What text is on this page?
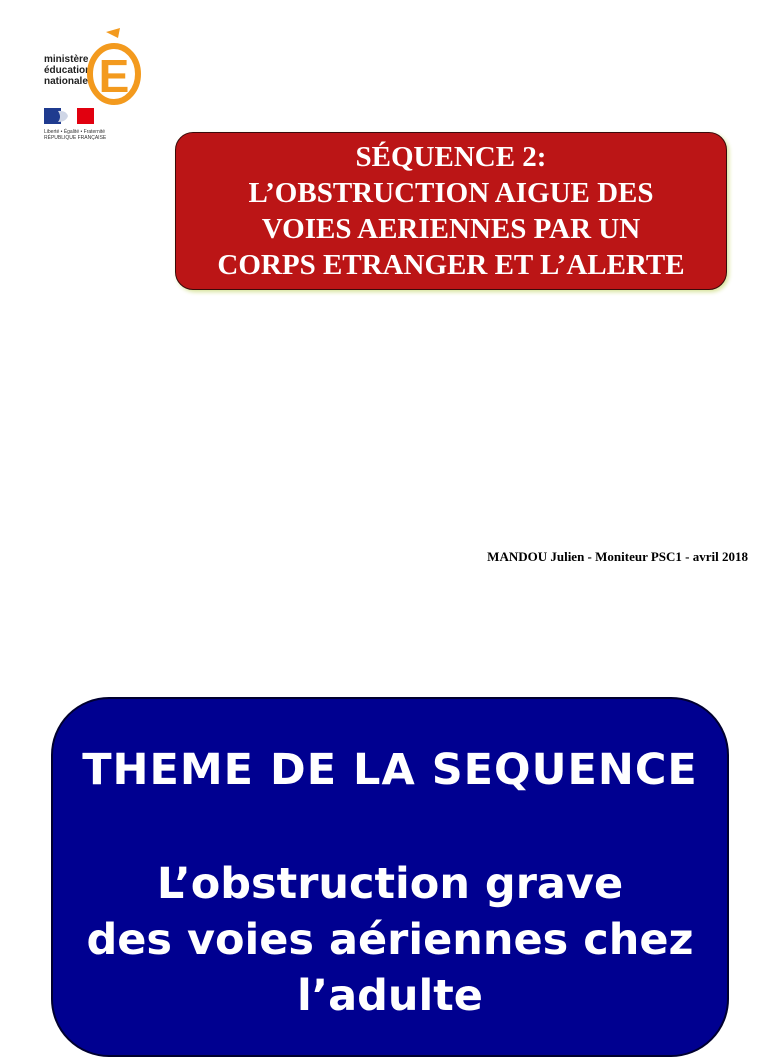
ministère
éducation
nationale E
Liberté • Égalité • Fraternité
RÉPUBLIQUE FRANÇAISE
SÉQUENCE 2:
L’OBSTRUCTION AIGUE DES
VOIES AERIENNES PAR UN
CORPS ETRANGER ET L’ALERTE
MANDOU Julien - Moniteur PSC1 - avril 2018
THEME DE LA SEQUENCE
L’obstruction grave
des voies aériennes chez
l’adulte
